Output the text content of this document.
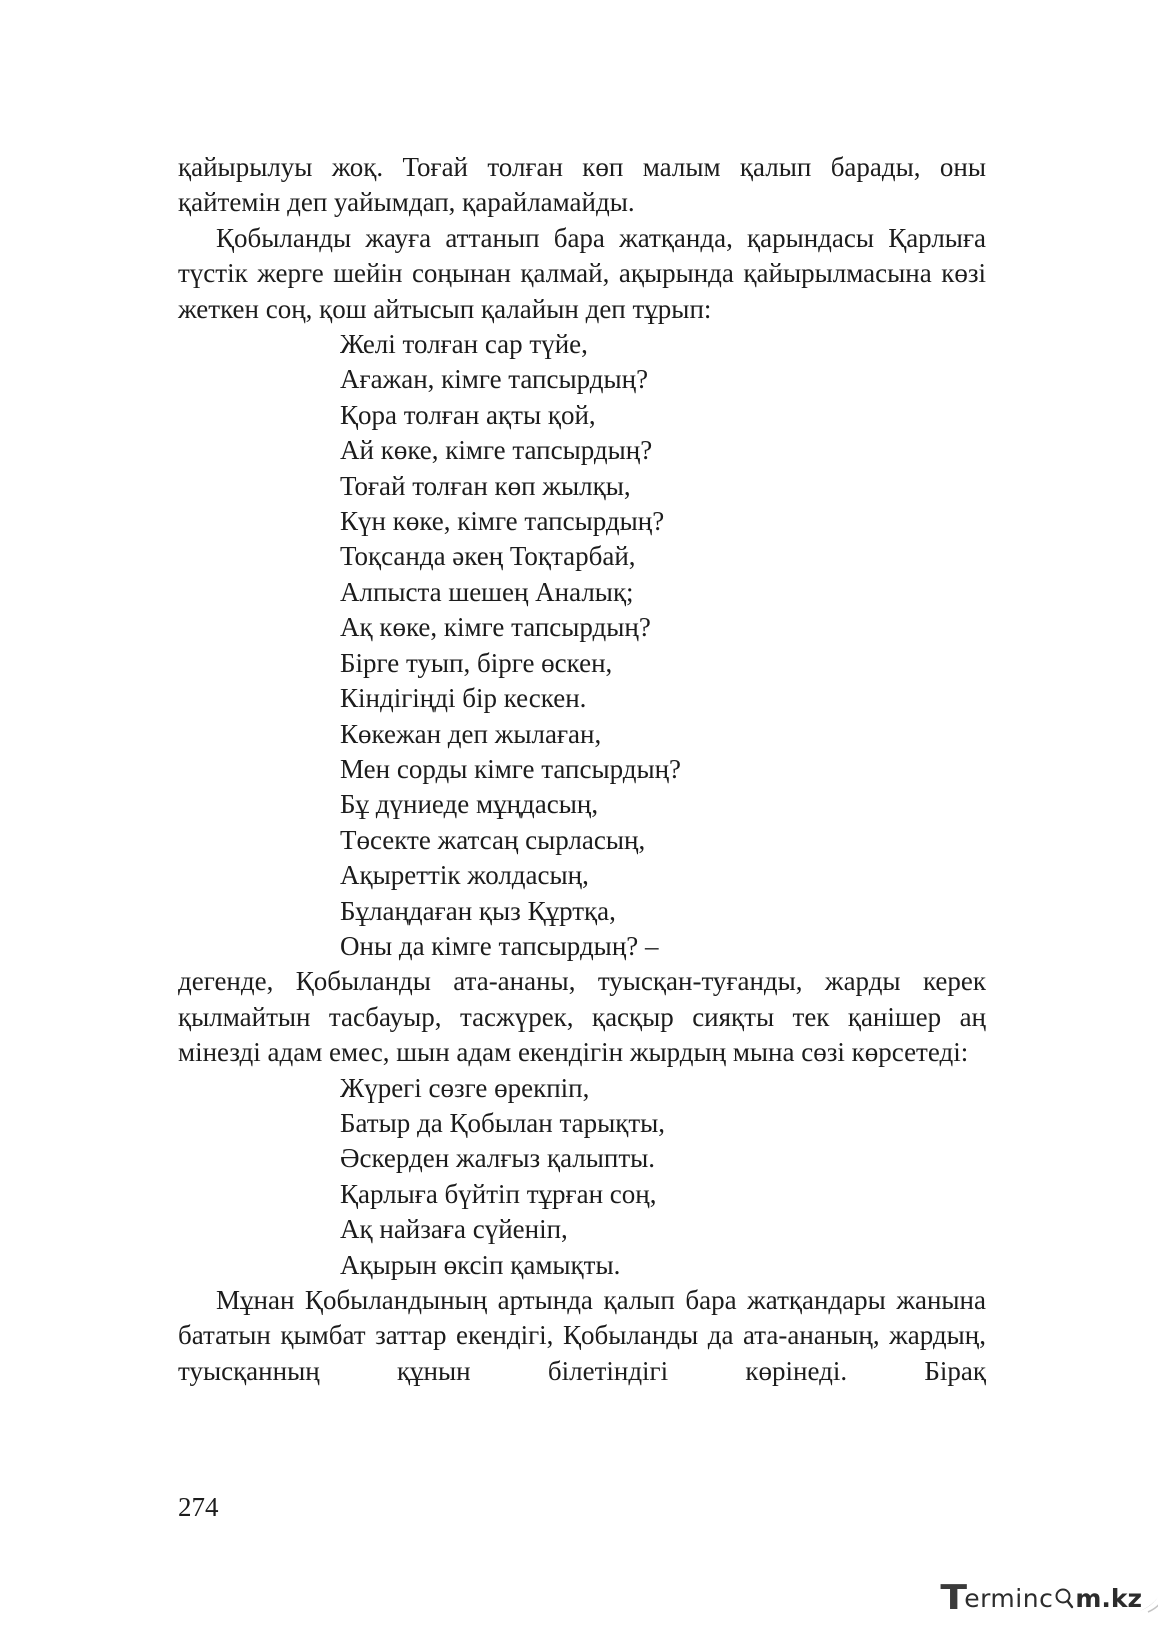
қайырылуы жоқ. Тоғай толған көп малым қалып барады, оны қайтемін деп уайымдап, қарайламайды.

Қобыланды жауға аттанып бара жатқанда, қарындасы Қарлығa түстік жерге шейін соңынан қалмай, ақырында қайырылмасына көзі жеткен соң, қош айтысып қалайын деп тұрып:

Желі толған сар түйе,
Ағажан, кімге тапсырдың?
Қора толған ақты қой,
Ай көке, кімге тапсырдың?
Тоғай толған көп жылқы,
Күн көке, кімге тапсырдың?
Тоқсанда әкең Тоқтарбай,
Алпыста шешең Аналық;
Ақ көке, кімге тапсырдың?
Бірге туып, бірге өскен,
Кіндігіңді бір кескен.
Көкежан деп жылаған,
Мен сорды кімге тапсырдың?
Бұ дүниеде мұңдасың,
Төсекте жатсаң сырласың,
Ақыреттік жолдасың,
Бұлаңдаған қыз Құртқа,
Оны да кімге тапсырдың? –

дегенде, Қобыланды ата-ананы, туысқан-туғанды, жарды керек қылмайтын тасбауыр, тасжүрек, қасқыр сияқты тек қанішер аң мінезді адам емес, шын адам екендігін жырдың мына сөзі көрсетеді:

Жүрегі сөзге өрекпіп,
Батыр да Қобылан тарықты,
Әскерден жалғыз қалыпты.
Қарлығa бүйтіп тұрған соң,
Ақ найзаға сүйеніп,
Ақырын өксіп қамықты.

Мұнан Қобыландының артында қалып бара жатқандары жанына бататын қымбат заттар екендігі, Қобыланды да ата-ананың, жардың, туысқанның құнын білетіндігі көрінеді. Бірақ

274
T
erminc m.kz
